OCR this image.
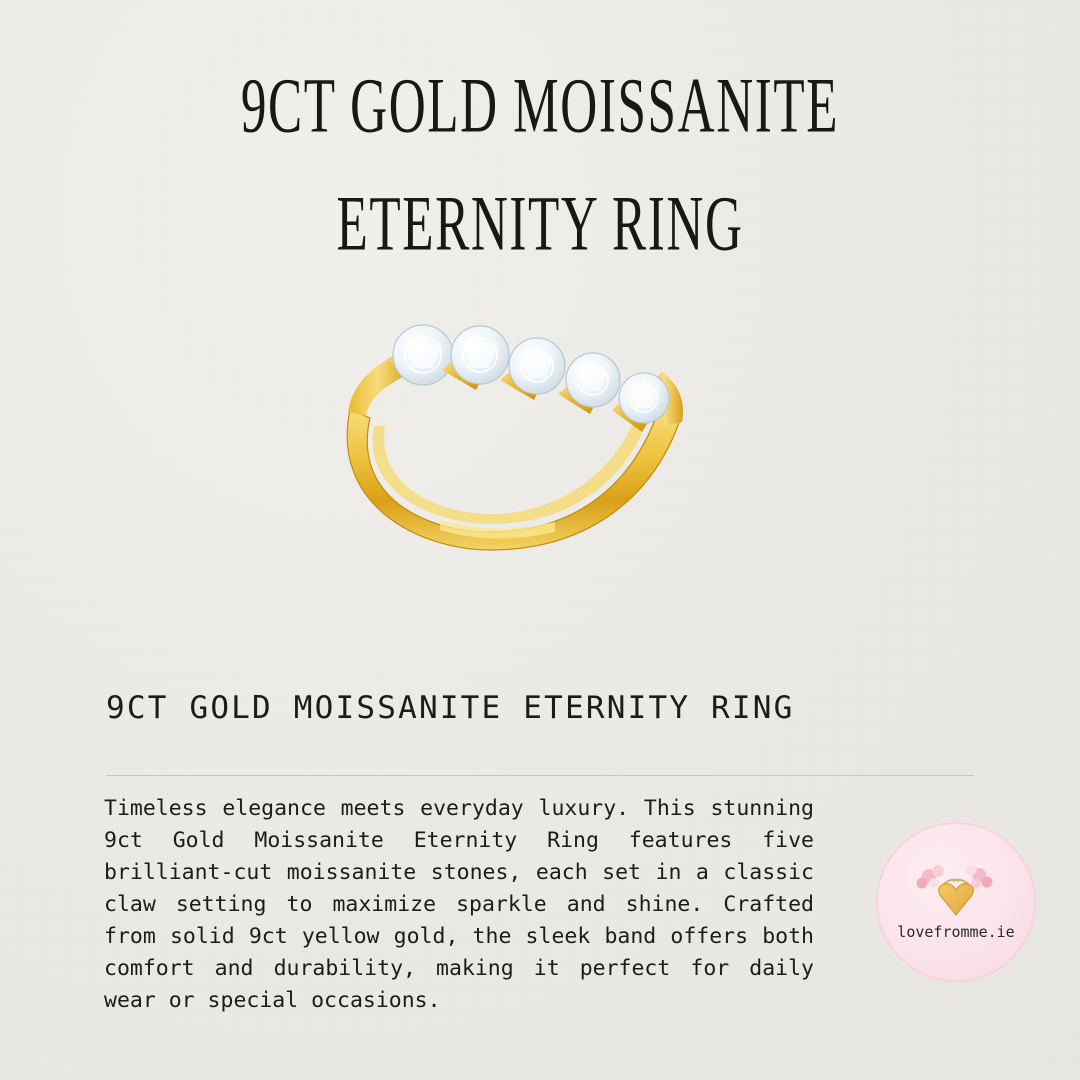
9CT GOLD MOISSANITE
ETERNITY RING
9CT GOLD MOISSANITE ETERNITY RING
Timeless elegance meets everyday luxury. This stunning 9ct Gold Moissanite Eternity Ring features five brilliant-cut moissanite stones, each set in a classic claw setting to maximize sparkle and shine. Crafted from solid 9ct yellow gold, the sleek band offers both comfort and durability, making it perfect for daily wear or special occasions.
lovefromme.ie
